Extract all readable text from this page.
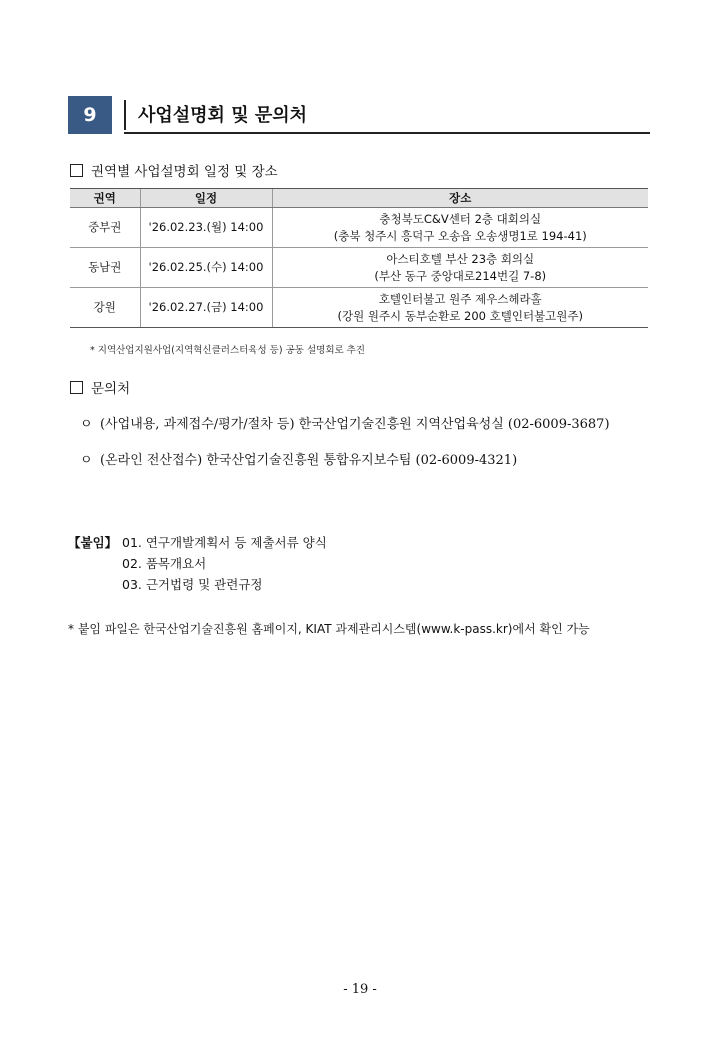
9	사업설명회 및 문의처
권역별 사업설명회 일정 및 장소
권역	일정	장소
중부권	'26.02.23.(월) 14:00	충청북도C&V센터 2층 대회의실
(충북 청주시 흥덕구 오송읍 오송생명1로 194-41)

동남권	'26.02.25.(수) 14:00	아스티호텔 부산 23층 회의실
(부산 동구 중앙대로214번길 7-8)

강원	'26.02.27.(금) 14:00	호텔인터불고 원주 제우스헤라홀
(강원 원주시 동부순환로 200 호텔인터불고원주)
* 지역산업지원사업(지역혁신클러스터육성 등) 공동 설명회로 추진
문의처
ㅇ (사업내용, 과제접수/평가/절차 등) 한국산업기술진흥원 지역산업육성실 (02-6009-3687)
ㅇ (온라인 전산접수) 한국산업기술진흥원 통합유지보수팀 (02-6009-4321)
【붙임】 01. 연구개발계획서 등 제출서류 양식
02. 품목개요서
03. 근거법령 및 관련규정
* 붙임 파일은 한국산업기술진흥원 홈페이지, KIAT 과제관리시스템(www.k-pass.kr)에서 확인 가능
- 19 -
